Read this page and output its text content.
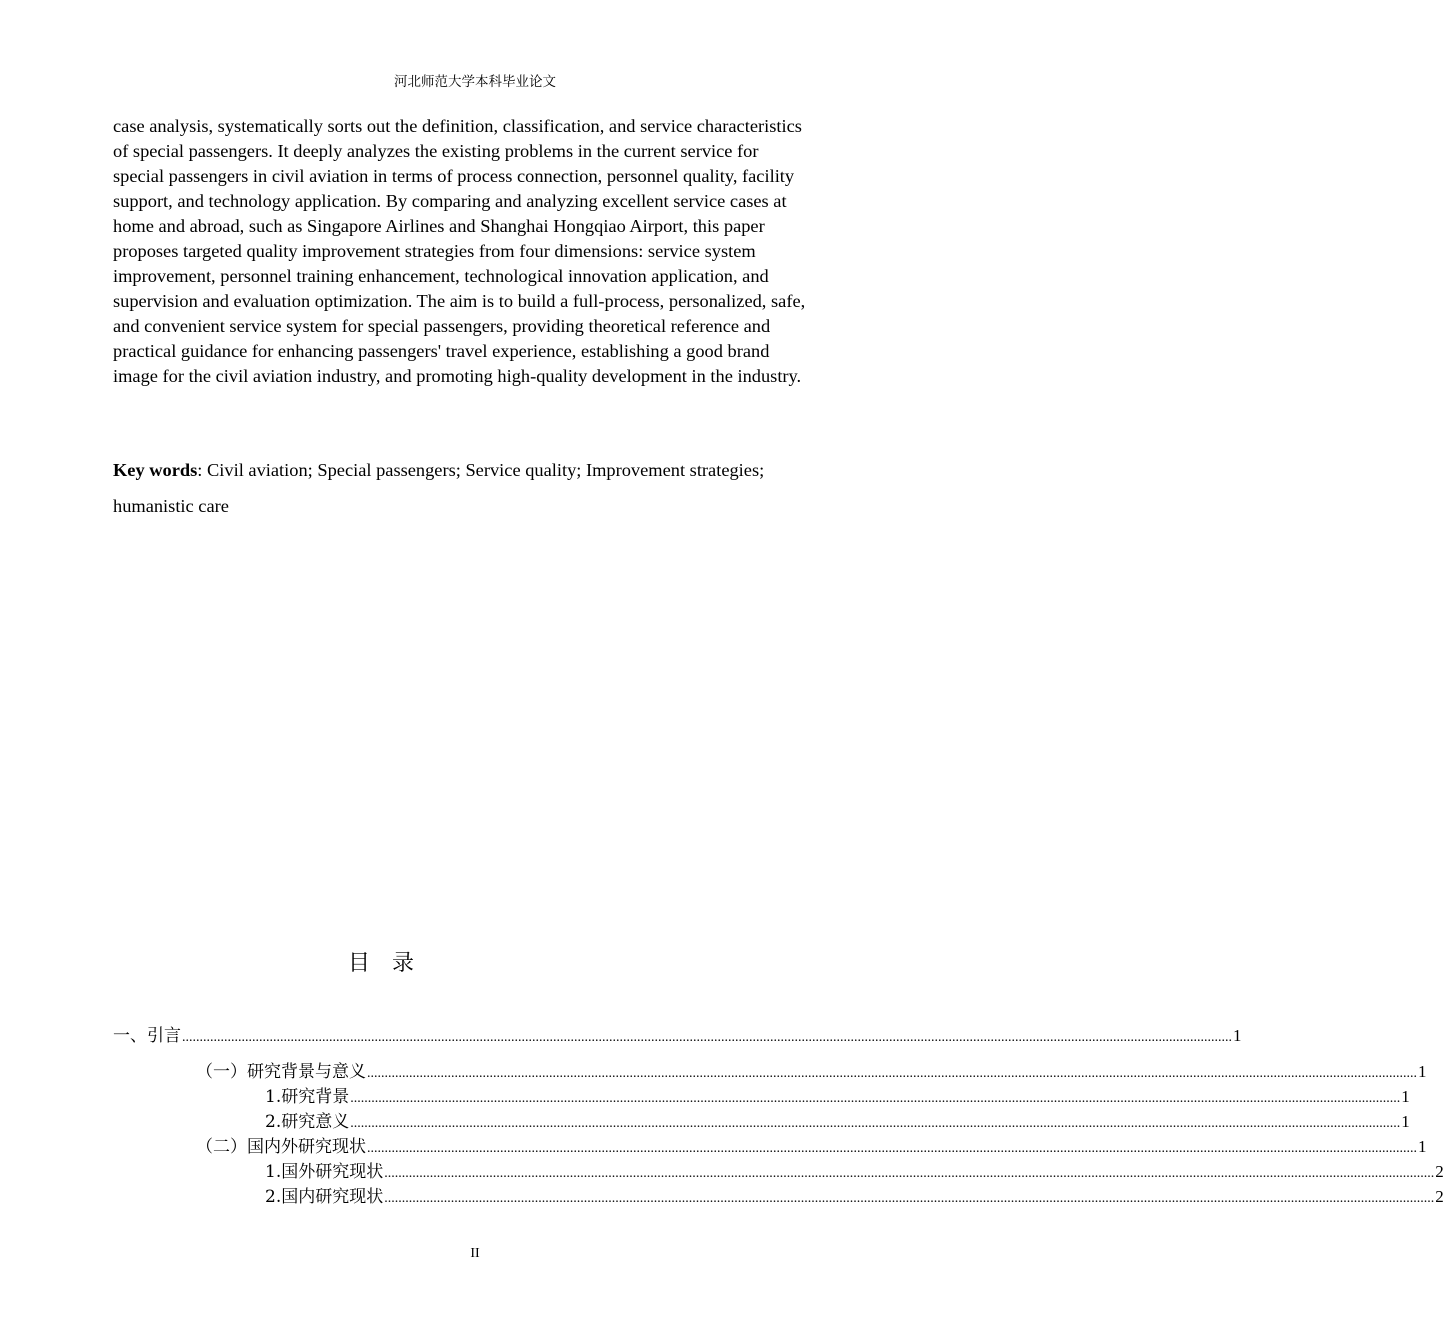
河北师范大学本科毕业论文
case analysis, systematically sorts out the definition, classification, and service characteristics
of special passengers. It deeply analyzes the existing problems in the current service for
special passengers in civil aviation in terms of process connection, personnel quality, facility
support, and technology application. By comparing and analyzing excellent service cases at
home and abroad, such as Singapore Airlines and Shanghai Hongqiao Airport, this paper
proposes targeted quality improvement strategies from four dimensions: service system
improvement, personnel training enhancement, technological innovation application, and
supervision and evaluation optimization. The aim is to build a full-process, personalized, safe,
and convenient service system for special passengers, providing theoretical reference and
practical guidance for enhancing passengers' travel experience, establishing a good brand
image for the civil aviation industry, and promoting high-quality development in the industry.
Key words: Civil aviation; Special passengers; Service quality; Improvement strategies;
humanistic care
目录
一、 引言 ............................................................................................................................................................................................................................................................................................................ 1
（一） 研究背景与意义 ............................................................................................................................................................................................................................................................................................................ 1
1. 研究背景 ............................................................................................................................................................................................................................................................................................................ 1
2. 研究意义 ............................................................................................................................................................................................................................................................................................................ 1
（二） 国内外研究现状 ............................................................................................................................................................................................................................................................................................................ 1
1. 国外研究现状 ............................................................................................................................................................................................................................................................................................................ 2
2. 国内研究现状 ............................................................................................................................................................................................................................................................................................................ 2
II
